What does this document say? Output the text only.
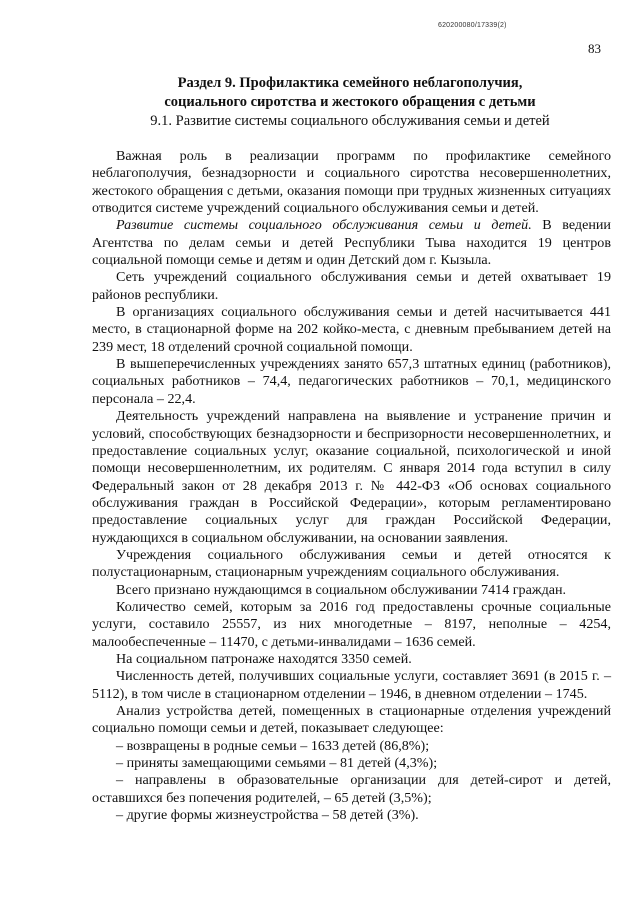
620200080/17339(2)
83
Раздел 9. Профилактика семейного неблагополучия,
социального сиротства и жестокого обращения с детьми
9.1. Развитие системы социального обслуживания семьи и детей

Важная роль в реализации программ по профилактике семейного неблагополучия, безнадзорности и социального сиротства несовершеннолетних, жестокого обращения с детьми, оказания помощи при трудных жизненных ситуациях отводится системе учреждений социального обслуживания семьи и детей.

Развитие системы социального обслуживания семьи и детей. В ведении Агентства по делам семьи и детей Республики Тыва находится 19 центров социальной помощи семье и детям и один Детский дом г. Кызыла.

Сеть учреждений социального обслуживания семьи и детей охватывает 19 районов республики.

В организациях социального обслуживания семьи и детей насчитывается 441 место, в стационарной форме на 202 койко-места, с дневным пребыванием детей на 239 мест, 18 отделений срочной социальной помощи.

В вышеперечисленных учреждениях занято 657,3 штатных единиц (работников), социальных работников – 74,4, педагогических работников – 70,1, медицинского персонала – 22,4.

Деятельность учреждений направлена на выявление и устранение причин и условий, способствующих безнадзорности и беспризорности несовершеннолетних, и предоставление социальных услуг, оказание социальной, психологической и иной помощи несовершеннолетним, их родителям. С января 2014 года вступил в силу Федеральный закон от 28 декабря 2013 г. № 442-ФЗ «Об основах социального обслуживания граждан в Российской Федерации», которым регламентировано предоставление социальных услуг для граждан Российской Федерации, нуждающихся в социальном обслуживании, на основании заявления.

Учреждения социального обслуживания семьи и детей относятся к полустационарным, стационарным учреждениям социального обслуживания.

Всего признано нуждающимся в социальном обслуживании 7414 граждан.

Количество семей, которым за 2016 год предоставлены срочные социальные услуги, составило 25557, из них многодетные – 8197, неполные – 4254, малообеспеченные – 11470, с детьми-инвалидами – 1636 семей.

На социальном патронаже находятся 3350 семей.

Численность детей, получивших социальные услуги, составляет 3691 (в 2015 г. – 5112), в том числе в стационарном отделении – 1946, в дневном отделении – 1745.

Анализ устройства детей, помещенных в стационарные отделения учреждений социально помощи семьи и детей, показывает следующее:

– возвращены в родные семьи – 1633 детей (86,8%);

– приняты замещающими семьями – 81 детей (4,3%);

– направлены в образовательные организации для детей-сирот и детей, оставшихся без попечения родителей, – 65 детей (3,5%);

– другие формы жизнеустройства – 58 детей (3%).
